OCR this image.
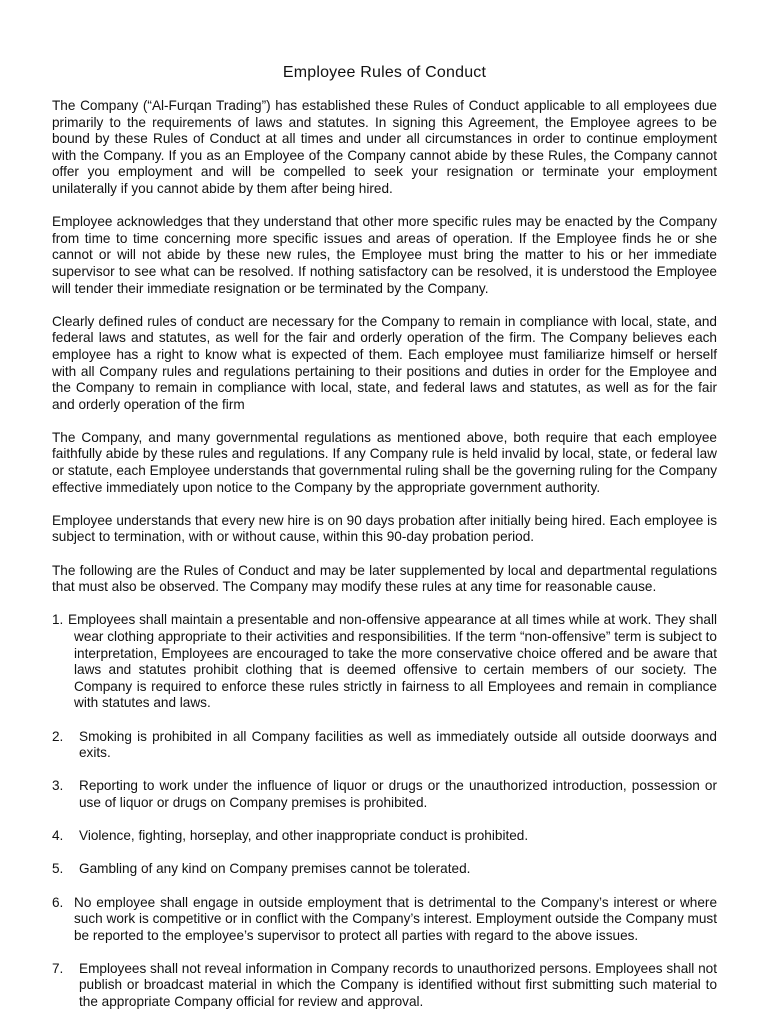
Employee Rules of Conduct

The Company (“Al-Furqan Trading”) has established these Rules of Conduct applicable to all employees due primarily to the requirements of laws and statutes. In signing this Agreement, the Employee agrees to be bound by these Rules of Conduct at all times and under all circumstances in order to continue employment with the Company. If you as an Employee of the Company cannot abide by these Rules, the Company cannot offer you employment and will be compelled to seek your resignation or terminate your employment unilaterally if you cannot abide by them after being hired.

Employee acknowledges that they understand that other more specific rules may be enacted by the Company from time to time concerning more specific issues and areas of operation. If the Employee finds he or she cannot or will not abide by these new rules, the Employee must bring the matter to his or her immediate supervisor to see what can be resolved. If nothing satisfactory can be resolved, it is understood the Employee will tender their immediate resignation or be terminated by the Company.

Clearly defined rules of conduct are necessary for the Company to remain in compliance with local, state, and federal laws and statutes, as well for the fair and orderly operation of the firm. The Company believes each employee has a right to know what is expected of them. Each employee must familiarize himself or herself with all Company rules and regulations pertaining to their positions and duties in order for the Employee and the Company to remain in compliance with local, state, and federal laws and statutes, as well as for the fair and orderly operation of the firm

The Company, and many governmental regulations as mentioned above, both require that each employee faithfully abide by these rules and regulations. If any Company rule is held invalid by local, state, or federal law or statute, each Employee understands that governmental ruling shall be the governing ruling for the Company effective immediately upon notice to the Company by the appropriate government authority.

Employee understands that every new hire is on 90 days probation after initially being hired. Each employee is subject to termination, with or without cause, within this 90-day probation period.

The following are the Rules of Conduct and may be later supplemented by local and departmental regulations that must also be observed. The Company may modify these rules at any time for reasonable cause.

1. Employees shall maintain a presentable and non-offensive appearance at all times while at work. They shall wear clothing appropriate to their activities and responsibilities. If the term “non-offensive” term is subject to interpretation, Employees are encouraged to take the more conservative choice offered and be aware that laws and statutes prohibit clothing that is deemed offensive to certain members of our society. The Company is required to enforce these rules strictly in fairness to all Employees and remain in compliance with statutes and laws.
2. Smoking is prohibited in all Company facilities as well as immediately outside all outside doorways and exits.
3. Reporting to work under the influence of liquor or drugs or the unauthorized introduction, possession or use of liquor or drugs on Company premises is prohibited.
4. Violence, fighting, horseplay, and other inappropriate conduct is prohibited.
5. Gambling of any kind on Company premises cannot be tolerated.
6. No employee shall engage in outside employment that is detrimental to the Company’s interest or where such work is competitive or in conflict with the Company’s interest. Employment outside the Company must be reported to the employee’s supervisor to protect all parties with regard to the above issues.
7. Employees shall not reveal information in Company records to unauthorized persons. Employees shall not publish or broadcast material in which the Company is identified without first submitting such material to the appropriate Company official for review and approval.
